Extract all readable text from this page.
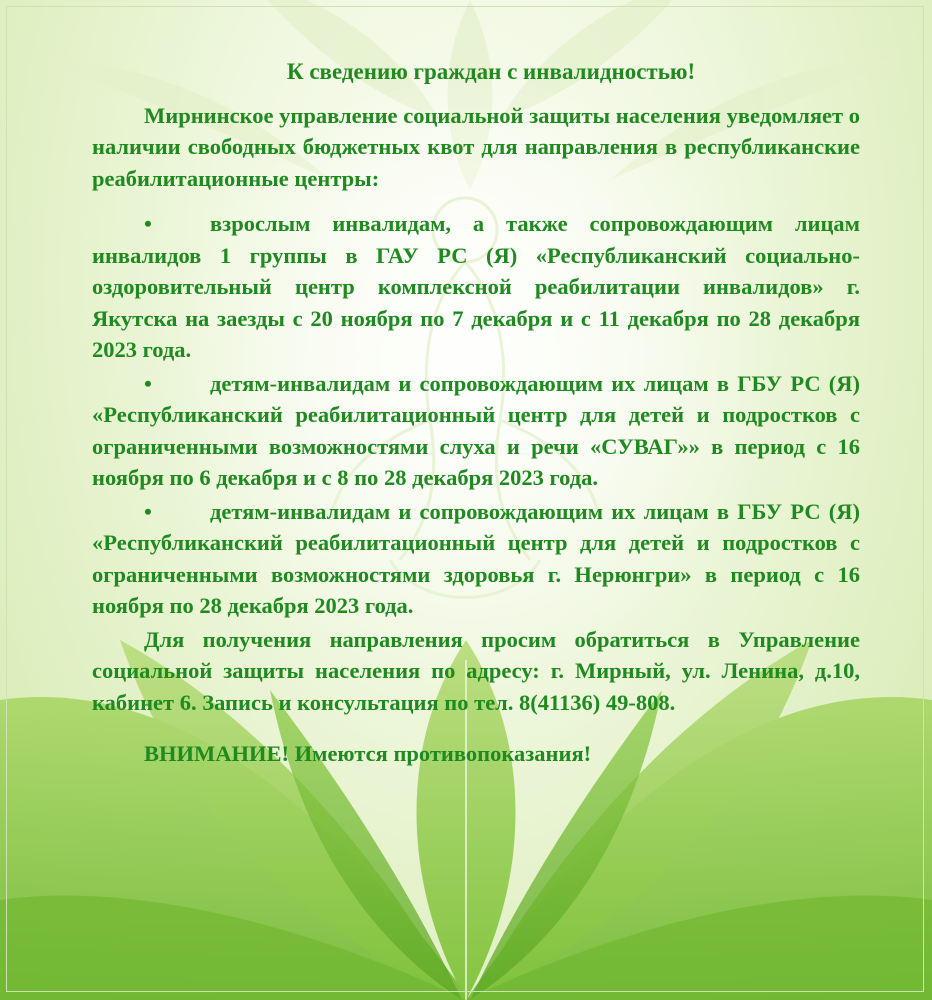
К сведению граждан с инвалидностью!

Мирнинское управление социальной защиты населения уведомляет о наличии свободных бюджетных квот для направления в республиканские реабилитационные центры:

•	взрослым инвалидам, а также сопровождающим лицам инвалидов 1 группы в ГАУ РС (Я) «Республиканский социально-оздоровительный центр комплексной реабилитации инвалидов» г. Якутска на заезды с 20 ноября по 7 декабря и с 11 декабря по 28 декабря 2023 года.
•	детям-инвалидам и сопровождающим их лицам в ГБУ РС (Я) «Республиканский реабилитационный центр для детей и подростков с ограниченными возможностями слуха и речи «СУВАГ»» в период с 16 ноября по 6 декабря и с 8 по 28 декабря 2023 года.
•	детям-инвалидам и сопровождающим их лицам в ГБУ РС (Я) «Республиканский реабилитационный центр для детей и подростков с ограниченными возможностями здоровья г. Нерюнгри» в период с 16 ноября по 28 декабря 2023 года.

Для получения направления просим обратиться в Управление социальной защиты населения по адресу: г. Мирный, ул. Ленина, д.10, кабинет 6. Запись и консультация по тел. 8(41136) 49-808.

ВНИМАНИЕ! Имеются противопоказания!
